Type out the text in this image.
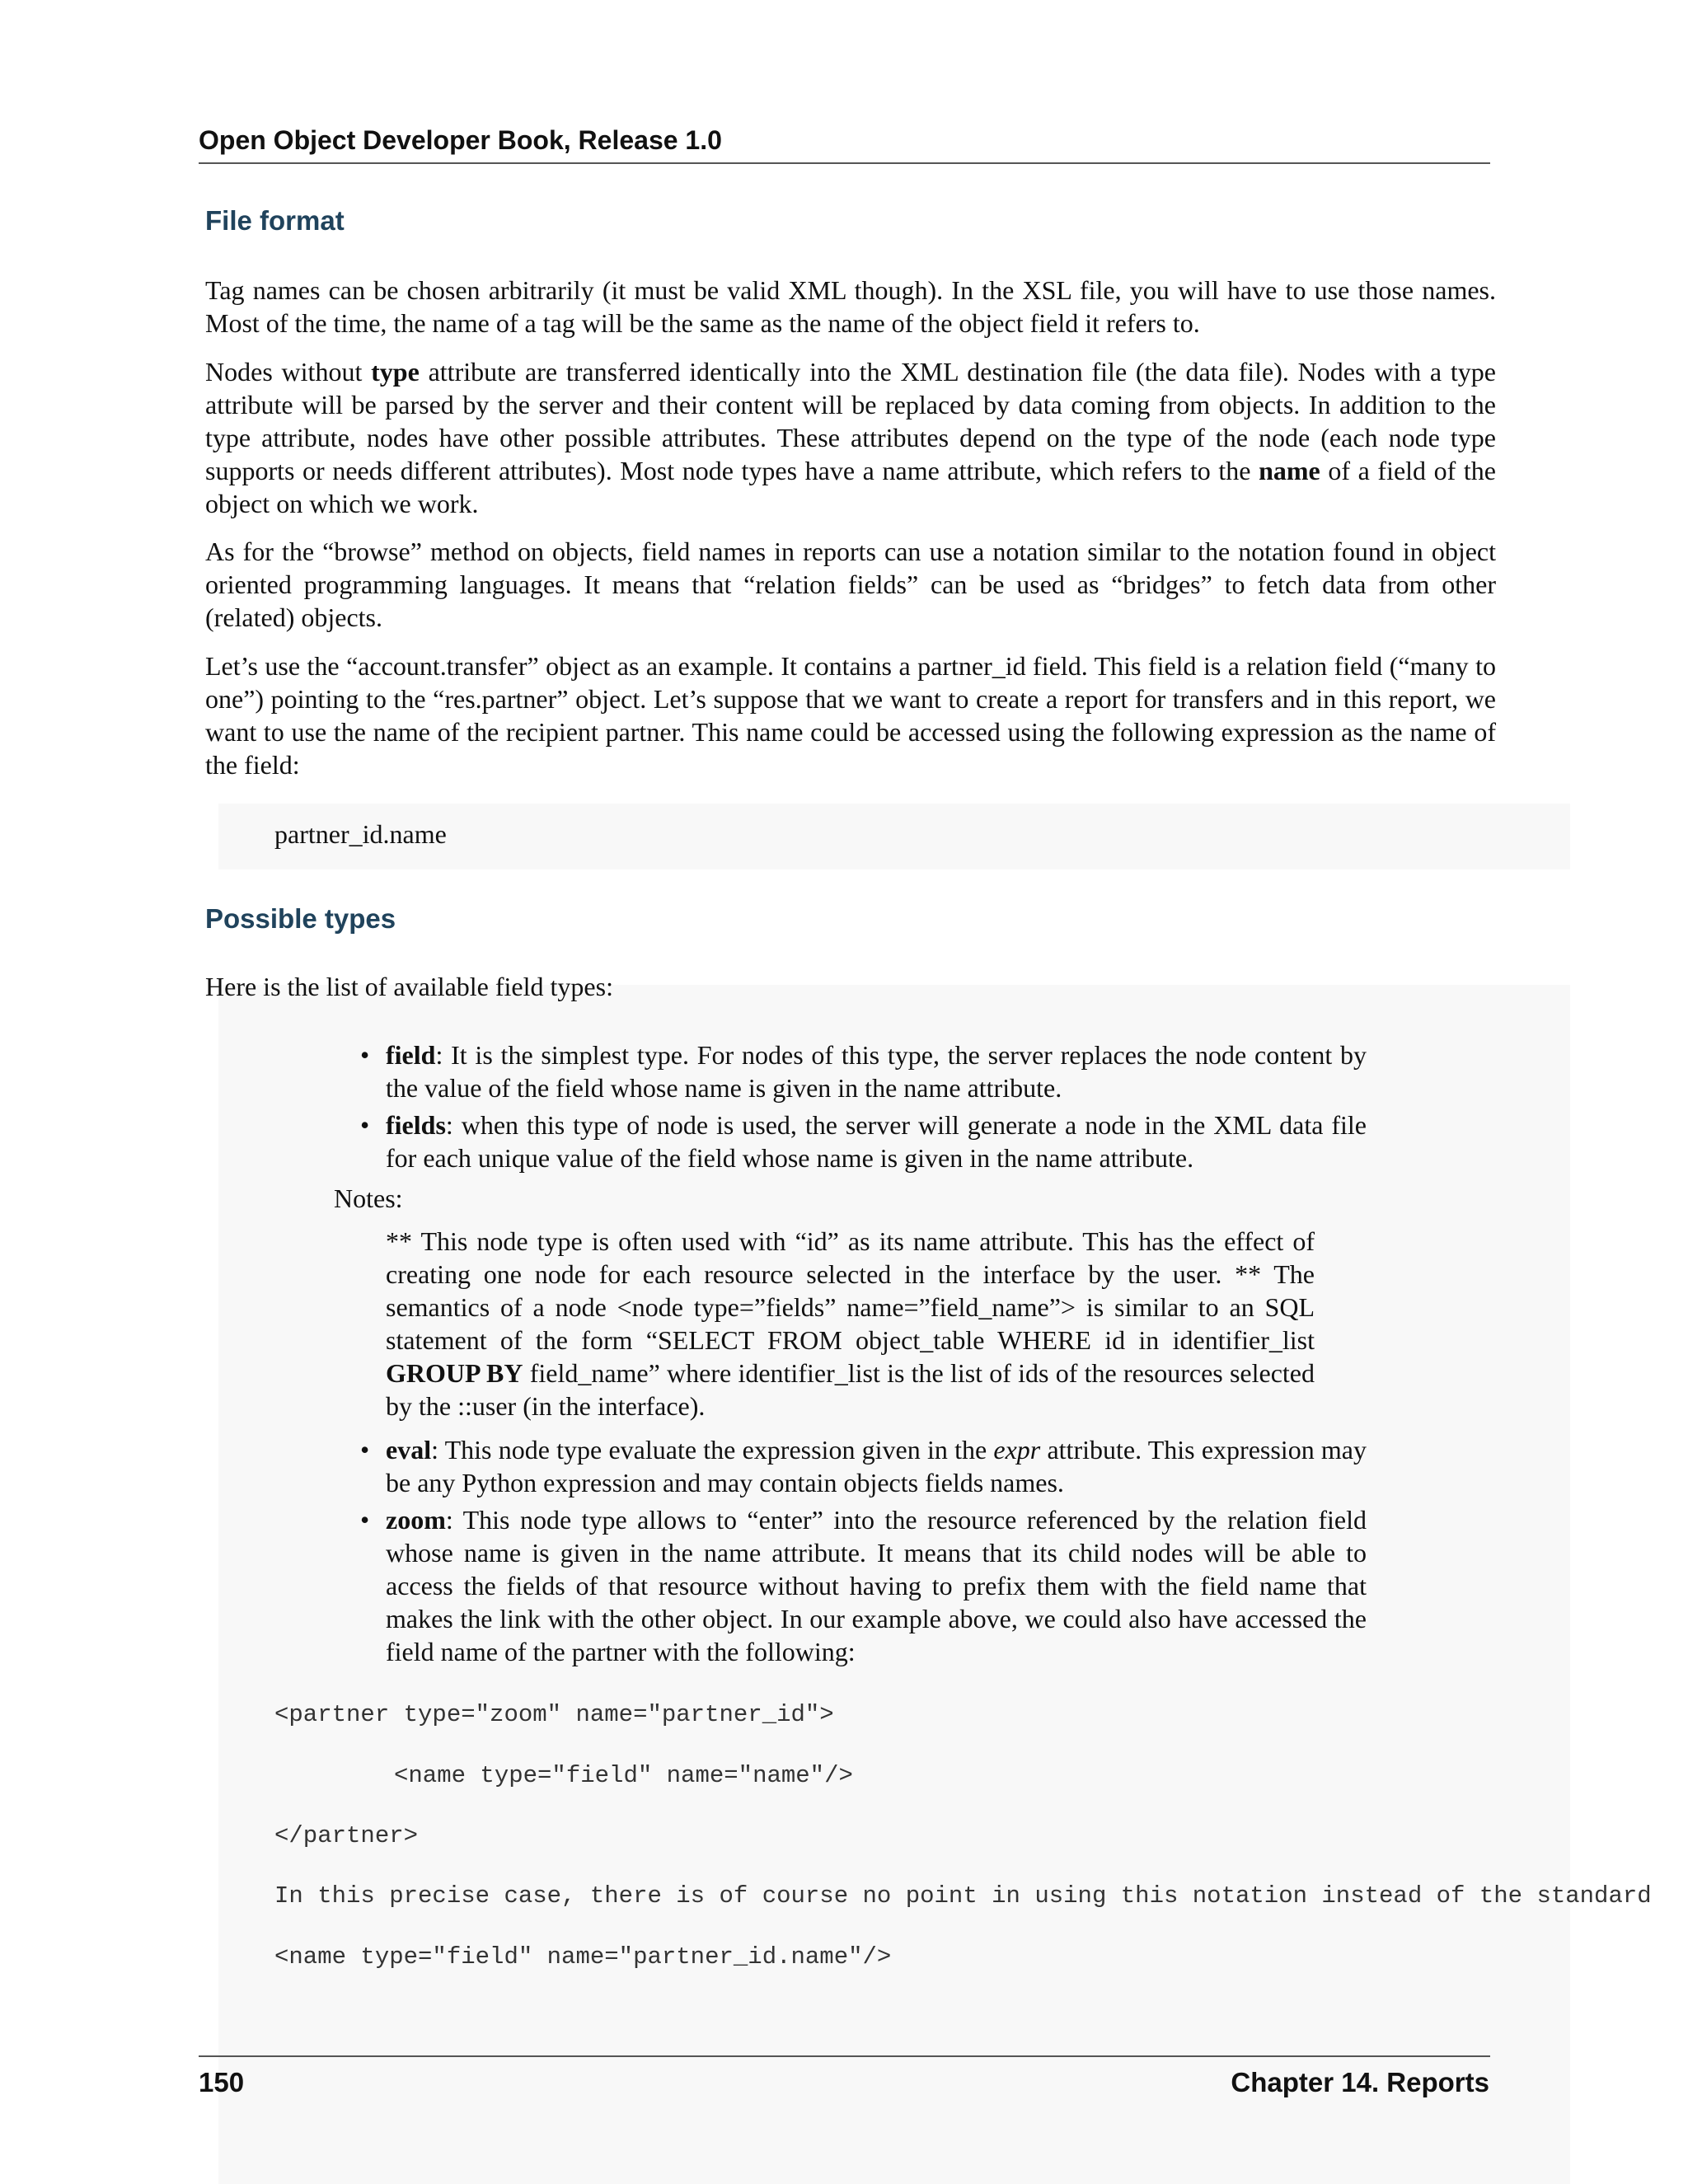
Open Object Developer Book, Release 1.0
File format

Tag names can be chosen arbitrarily (it must be valid XML though). In the XSL file, you will have to use those names. Most of the time, the name of a tag will be the same as the name of the object field it refers to.

Nodes without type attribute are transferred identically into the XML destination file (the data file). Nodes with a type attribute will be parsed by the server and their content will be replaced by data coming from objects. In addition to the type attribute, nodes have other possible attributes. These attributes depend on the type of the node (each node type supports or needs different attributes). Most node types have a name attribute, which refers to the name of a field of the object on which we work.

As for the “browse” method on objects, field names in reports can use a notation similar to the notation found in object oriented programming languages. It means that “relation fields” can be used as “bridges” to fetch data from other (related) objects.

Let’s use the “account.transfer” object as an example. It contains a partner_id field. This field is a relation field (“many to one”) pointing to the “res.partner” object. Let’s suppose that we want to create a report for transfers and in this report, we want to use the name of the recipient partner. This name could be accessed using the following expression as the name of the field:

partner_id.name
Possible types

Here is the list of available field types:

• field: It is the simplest type. For nodes of this type, the server replaces the node content by the value of the field whose name is given in the name attribute.
• fields: when this type of node is used, the server will generate a node in the XML data file for each unique value of the field whose name is given in the name attribute.
Notes:

** This node type is often used with “id” as its name attribute. This has the effect of creating one node for each resource selected in the interface by the user. ** The semantics of a node <node type=”fields” name=”field_name”> is similar to an SQL statement of the form “SELECT FROM object_table WHERE id in identifier_list GROUP BY field_name” where identifier_list is the list of ids of the resources selected by the ::user (in the interface).

• eval: This node type evaluate the expression given in the expr attribute. This expression may be any Python expression and may contain objects fields names.
• zoom: This node type allows to “enter” into the resource referenced by the relation field whose name is given in the name attribute. It means that its child nodes will be able to access the fields of that resource without having to prefix them with the field name that makes the link with the other object. In our example above, we could also have accessed the field name of the partner with the following:
<partner type="zoom" name="partner_id">
<name type="field" name="name"/>
</partner>
In this precise case, there is of course no point in using this notation instead of the standard
<name type="field" name="partner_id.name"/>
150	Chapter 14. Reports
